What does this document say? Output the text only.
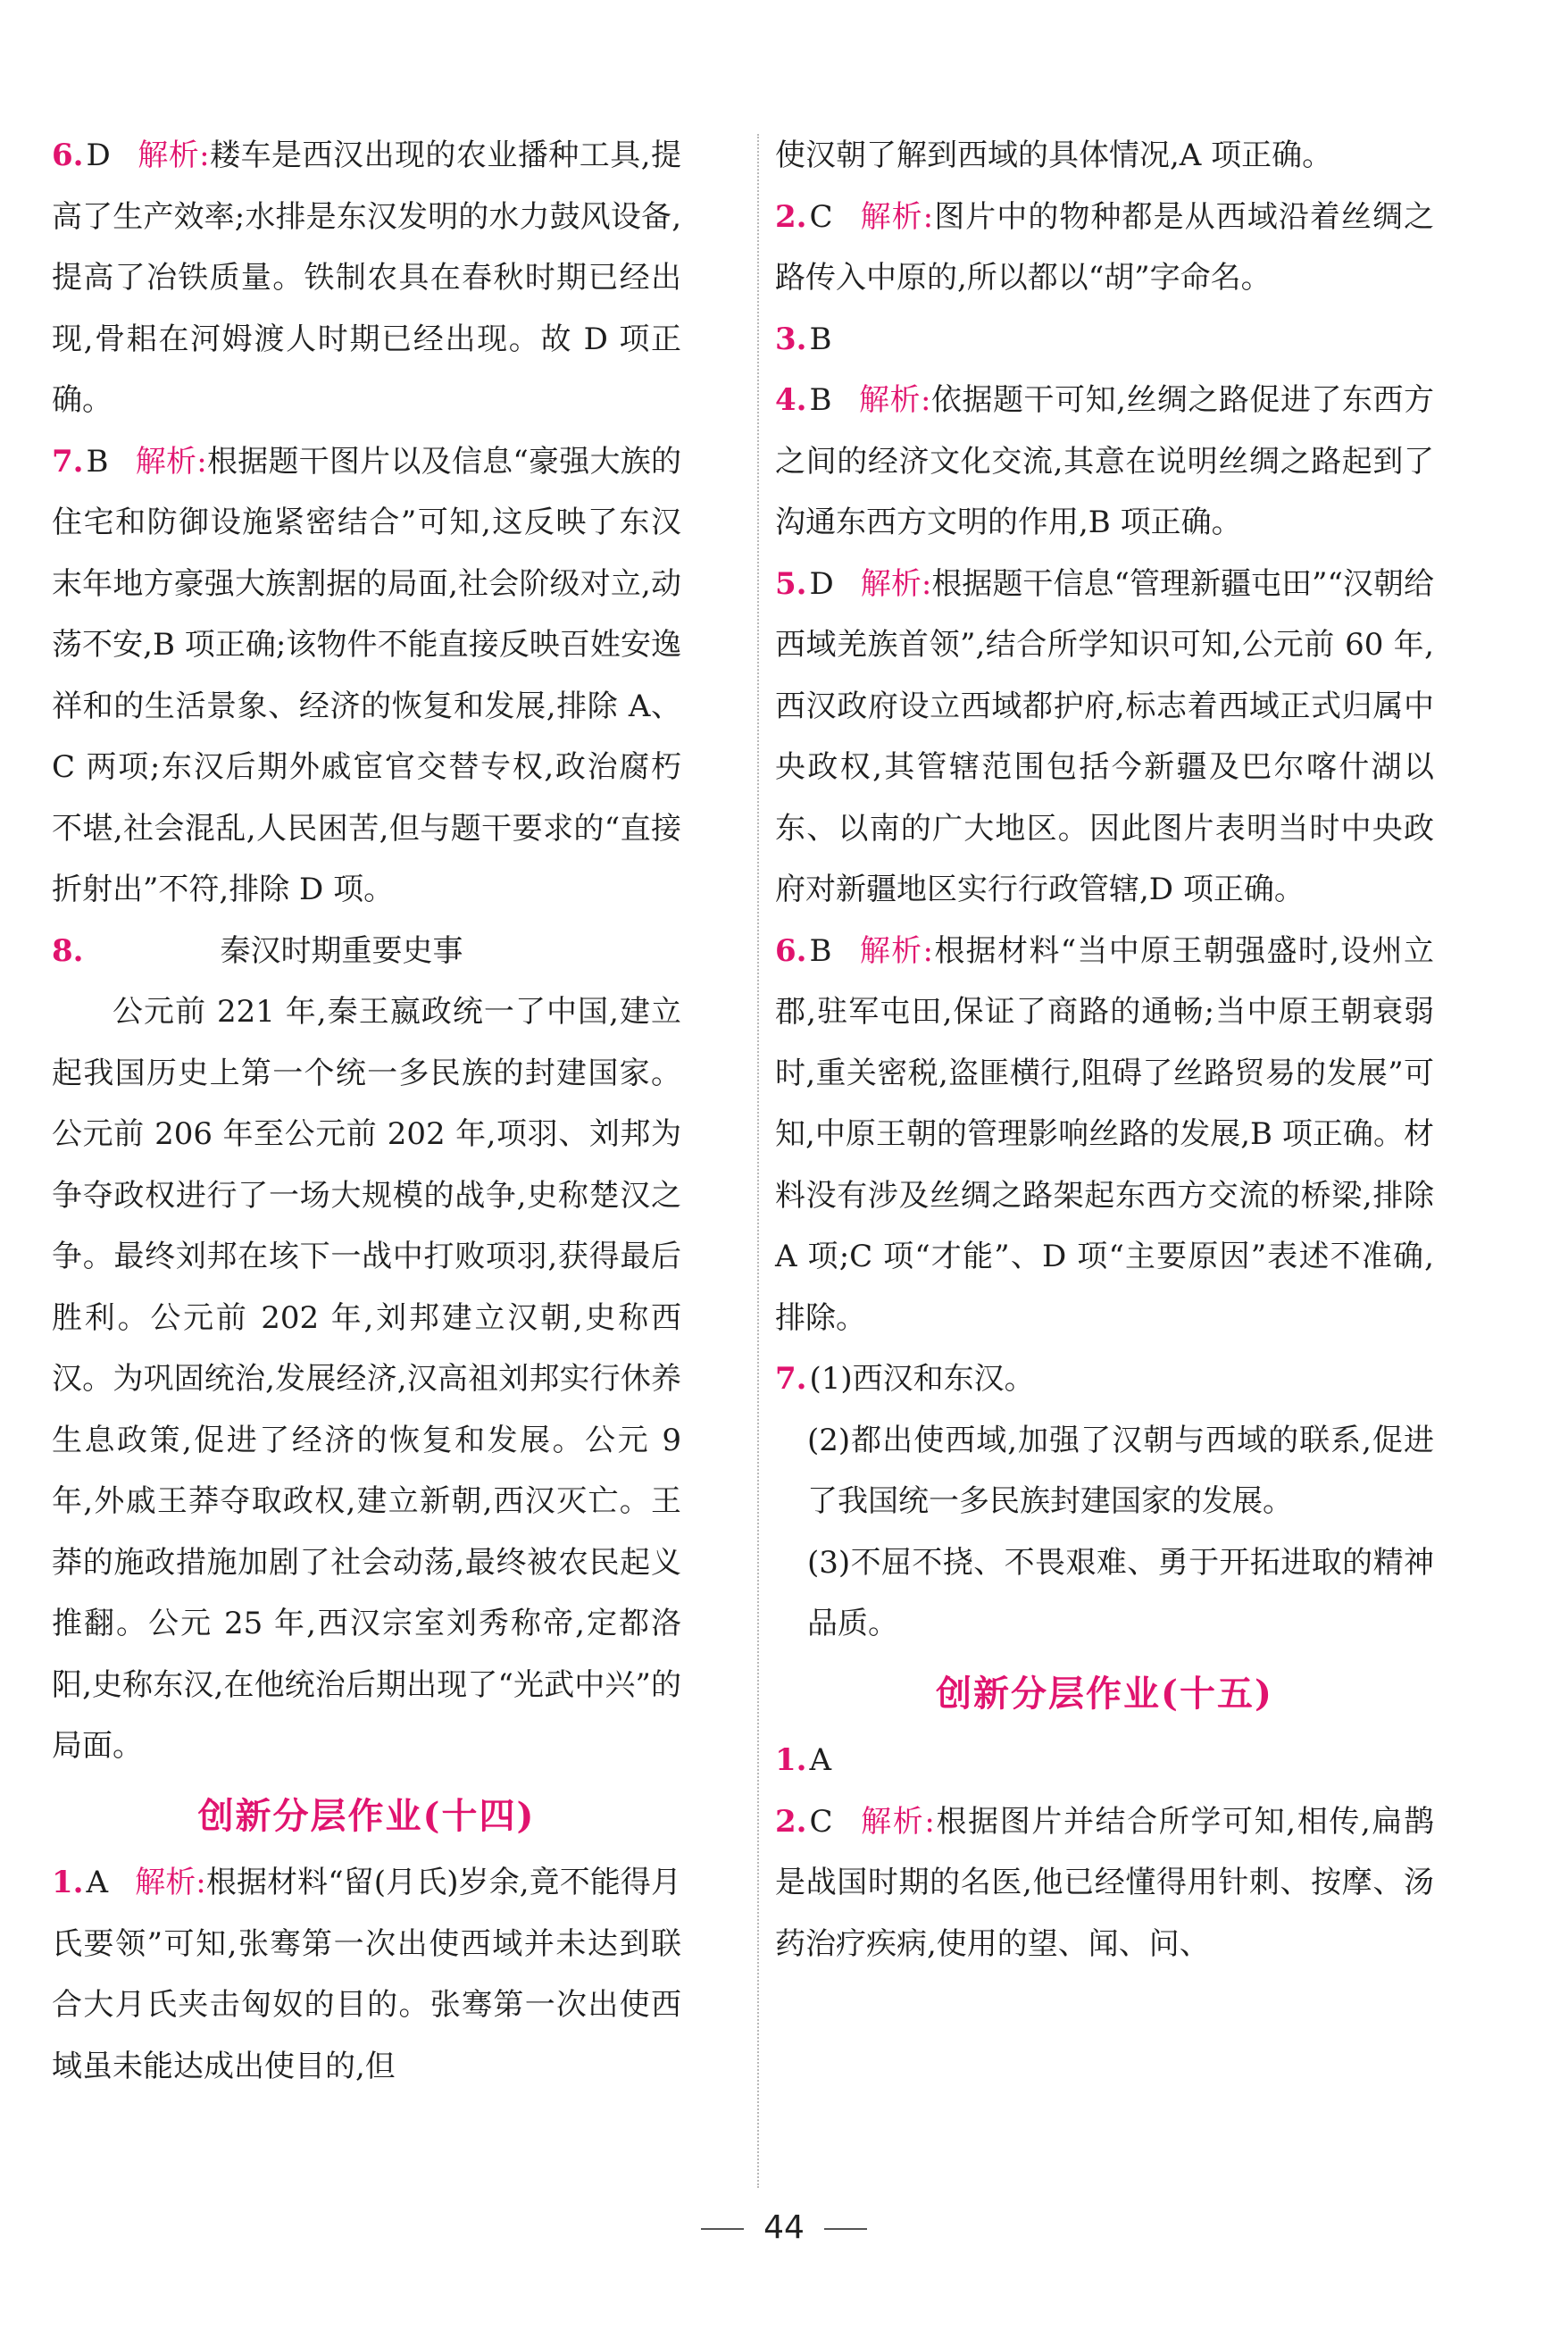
6.D 解析:耧车是西汉出现的农业播种工具,提高了生产效率;水排是东汉发明的水力鼓风设备,提高了冶铁质量。铁制农具在春秋时期已经出现,骨耜在河姆渡人时期已经出现。故 D 项正确。
7.B 解析:根据题干图片以及信息“豪强大族的住宅和防御设施紧密结合”可知,这反映了东汉末年地方豪强大族割据的局面,社会阶级对立,动荡不安,B 项正确;该物件不能直接反映百姓安逸祥和的生活景象、经济的恢复和发展,排除 A、C 两项;东汉后期外戚宦官交替专权,政治腐朽不堪,社会混乱,人民困苦,但与题干要求的“直接折射出”不符,排除 D 项。
8.	秦汉时期重要史事
公元前 221 年,秦王嬴政统一了中国,建立起我国历史上第一个统一多民族的封建国家。公元前 206 年至公元前 202 年,项羽、刘邦为争夺政权进行了一场大规模的战争,史称楚汉之争。最终刘邦在垓下一战中打败项羽,获得最后胜利。公元前 202 年,刘邦建立汉朝,史称西汉。为巩固统治,发展经济,汉高祖刘邦实行休养生息政策,促进了经济的恢复和发展。公元 9 年,外戚王莽夺取政权,建立新朝,西汉灭亡。王莽的施政措施加剧了社会动荡,最终被农民起义推翻。公元 25 年,西汉宗室刘秀称帝,定都洛阳,史称东汉,在他统治后期出现了“光武中兴”的局面。
创新分层作业(十四)
1.A 解析:根据材料“留(月氏)岁余,竟不能得月氏要领”可知,张骞第一次出使西域并未达到联合大月氏夹击匈奴的目的。张骞第一次出使西域虽未能达成出使目的,但
使汉朝了解到西域的具体情况,A 项正确。
2.C 解析:图片中的物种都是从西域沿着丝绸之路传入中原的,所以都以“胡”字命名。
3.B
4.B 解析:依据题干可知,丝绸之路促进了东西方之间的经济文化交流,其意在说明丝绸之路起到了沟通东西方文明的作用,B 项正确。
5.D 解析:根据题干信息“管理新疆屯田”“汉朝给西域羌族首领”,结合所学知识可知,公元前 60 年,西汉政府设立西域都护府,标志着西域正式归属中央政权,其管辖范围包括今新疆及巴尔喀什湖以东、以南的广大地区。因此图片表明当时中央政府对新疆地区实行行政管辖,D 项正确。
6.B 解析:根据材料“当中原王朝强盛时,设州立郡,驻军屯田,保证了商路的通畅;当中原王朝衰弱时,重关密税,盗匪横行,阻碍了丝路贸易的发展”可知,中原王朝的管理影响丝路的发展,B 项正确。材料没有涉及丝绸之路架起东西方交流的桥梁,排除 A 项;C 项“才能”、D 项“主要原因”表述不准确,排除。
7.(1)西汉和东汉。
(2)都出使西域,加强了汉朝与西域的联系,促进了我国统一多民族封建国家的发展。
(3)不屈不挠、不畏艰难、勇于开拓进取的精神品质。
创新分层作业(十五)
1.A
2.C 解析:根据图片并结合所学可知,相传,扁鹊是战国时期的名医,他已经懂得用针刺、按摩、汤药治疗疾病,使用的望、闻、问、
44
